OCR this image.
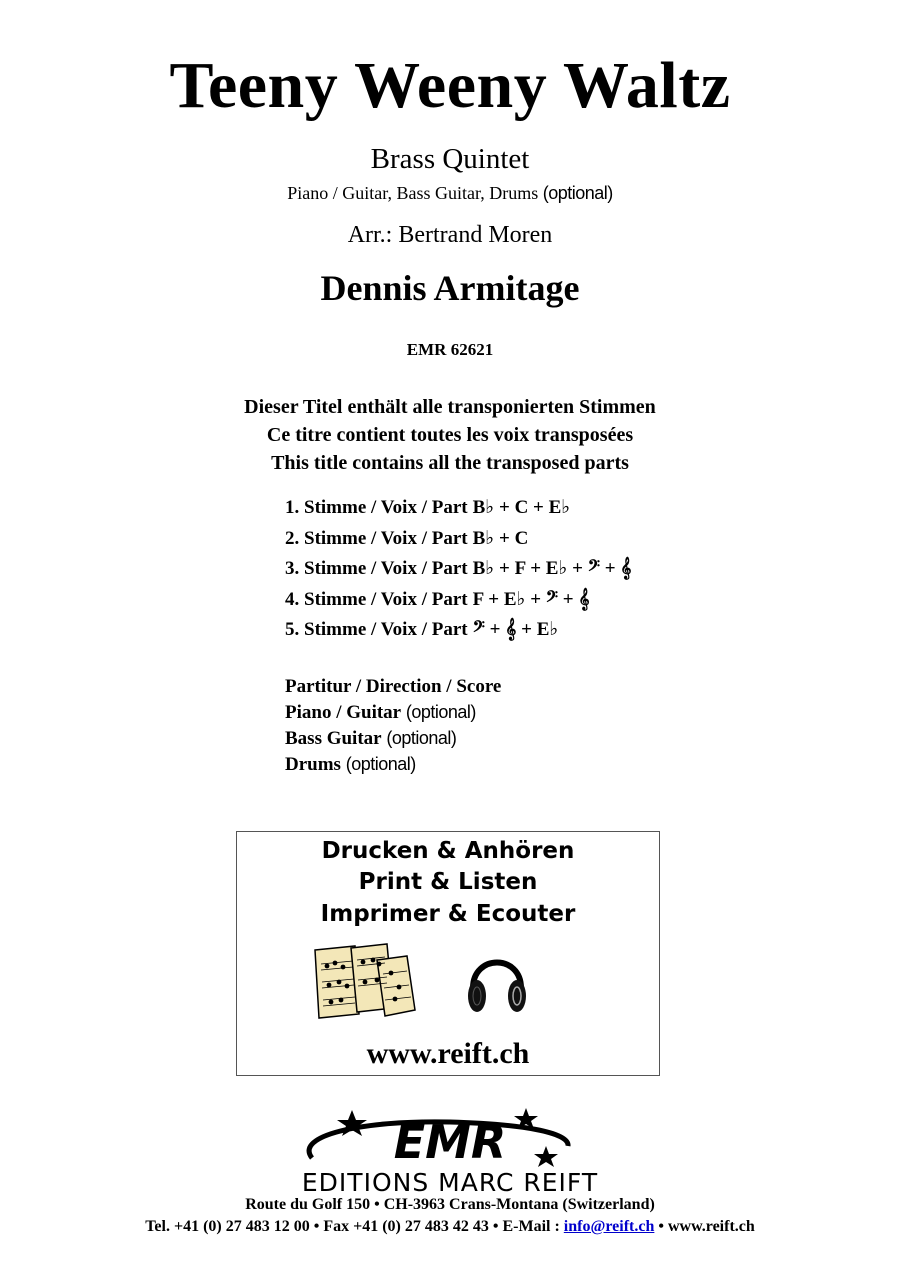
Teeny Weeny Waltz
Brass Quintet
Piano / Guitar, Bass Guitar, Drums (optional)
Arr.: Bertrand Moren
Dennis Armitage
EMR 62621
Dieser Titel enthält alle transponierten Stimmen
Ce titre contient toutes les voix transposées
This title contains all the transposed parts
1.
Stimme / Voix / Part B♭ + C + E♭
2.
Stimme / Voix / Part B♭ + C
3.
Stimme / Voix / Part B♭ + F + E♭ + 𝄢 + 𝄞
4.
Stimme / Voix / Part F + E♭ + 𝄢 + 𝄞
5.
Stimme / Voix / Part 𝄢 + 𝄞 + E♭
Partitur / Direction / Score
Piano / Guitar (optional)
Bass Guitar (optional)
Drums (optional)
Drucken & Anhören
Print & Listen
Imprimer & Ecouter
www.reift.ch
EMR
EDITIONS MARC REIFT
Route du Golf 150 • CH-3963 Crans-Montana (Switzerland)
Tel. +41 (0) 27 483 12 00 • Fax +41 (0) 27 483 42 43 • E-Mail : info@reift.ch • www.reift.ch
